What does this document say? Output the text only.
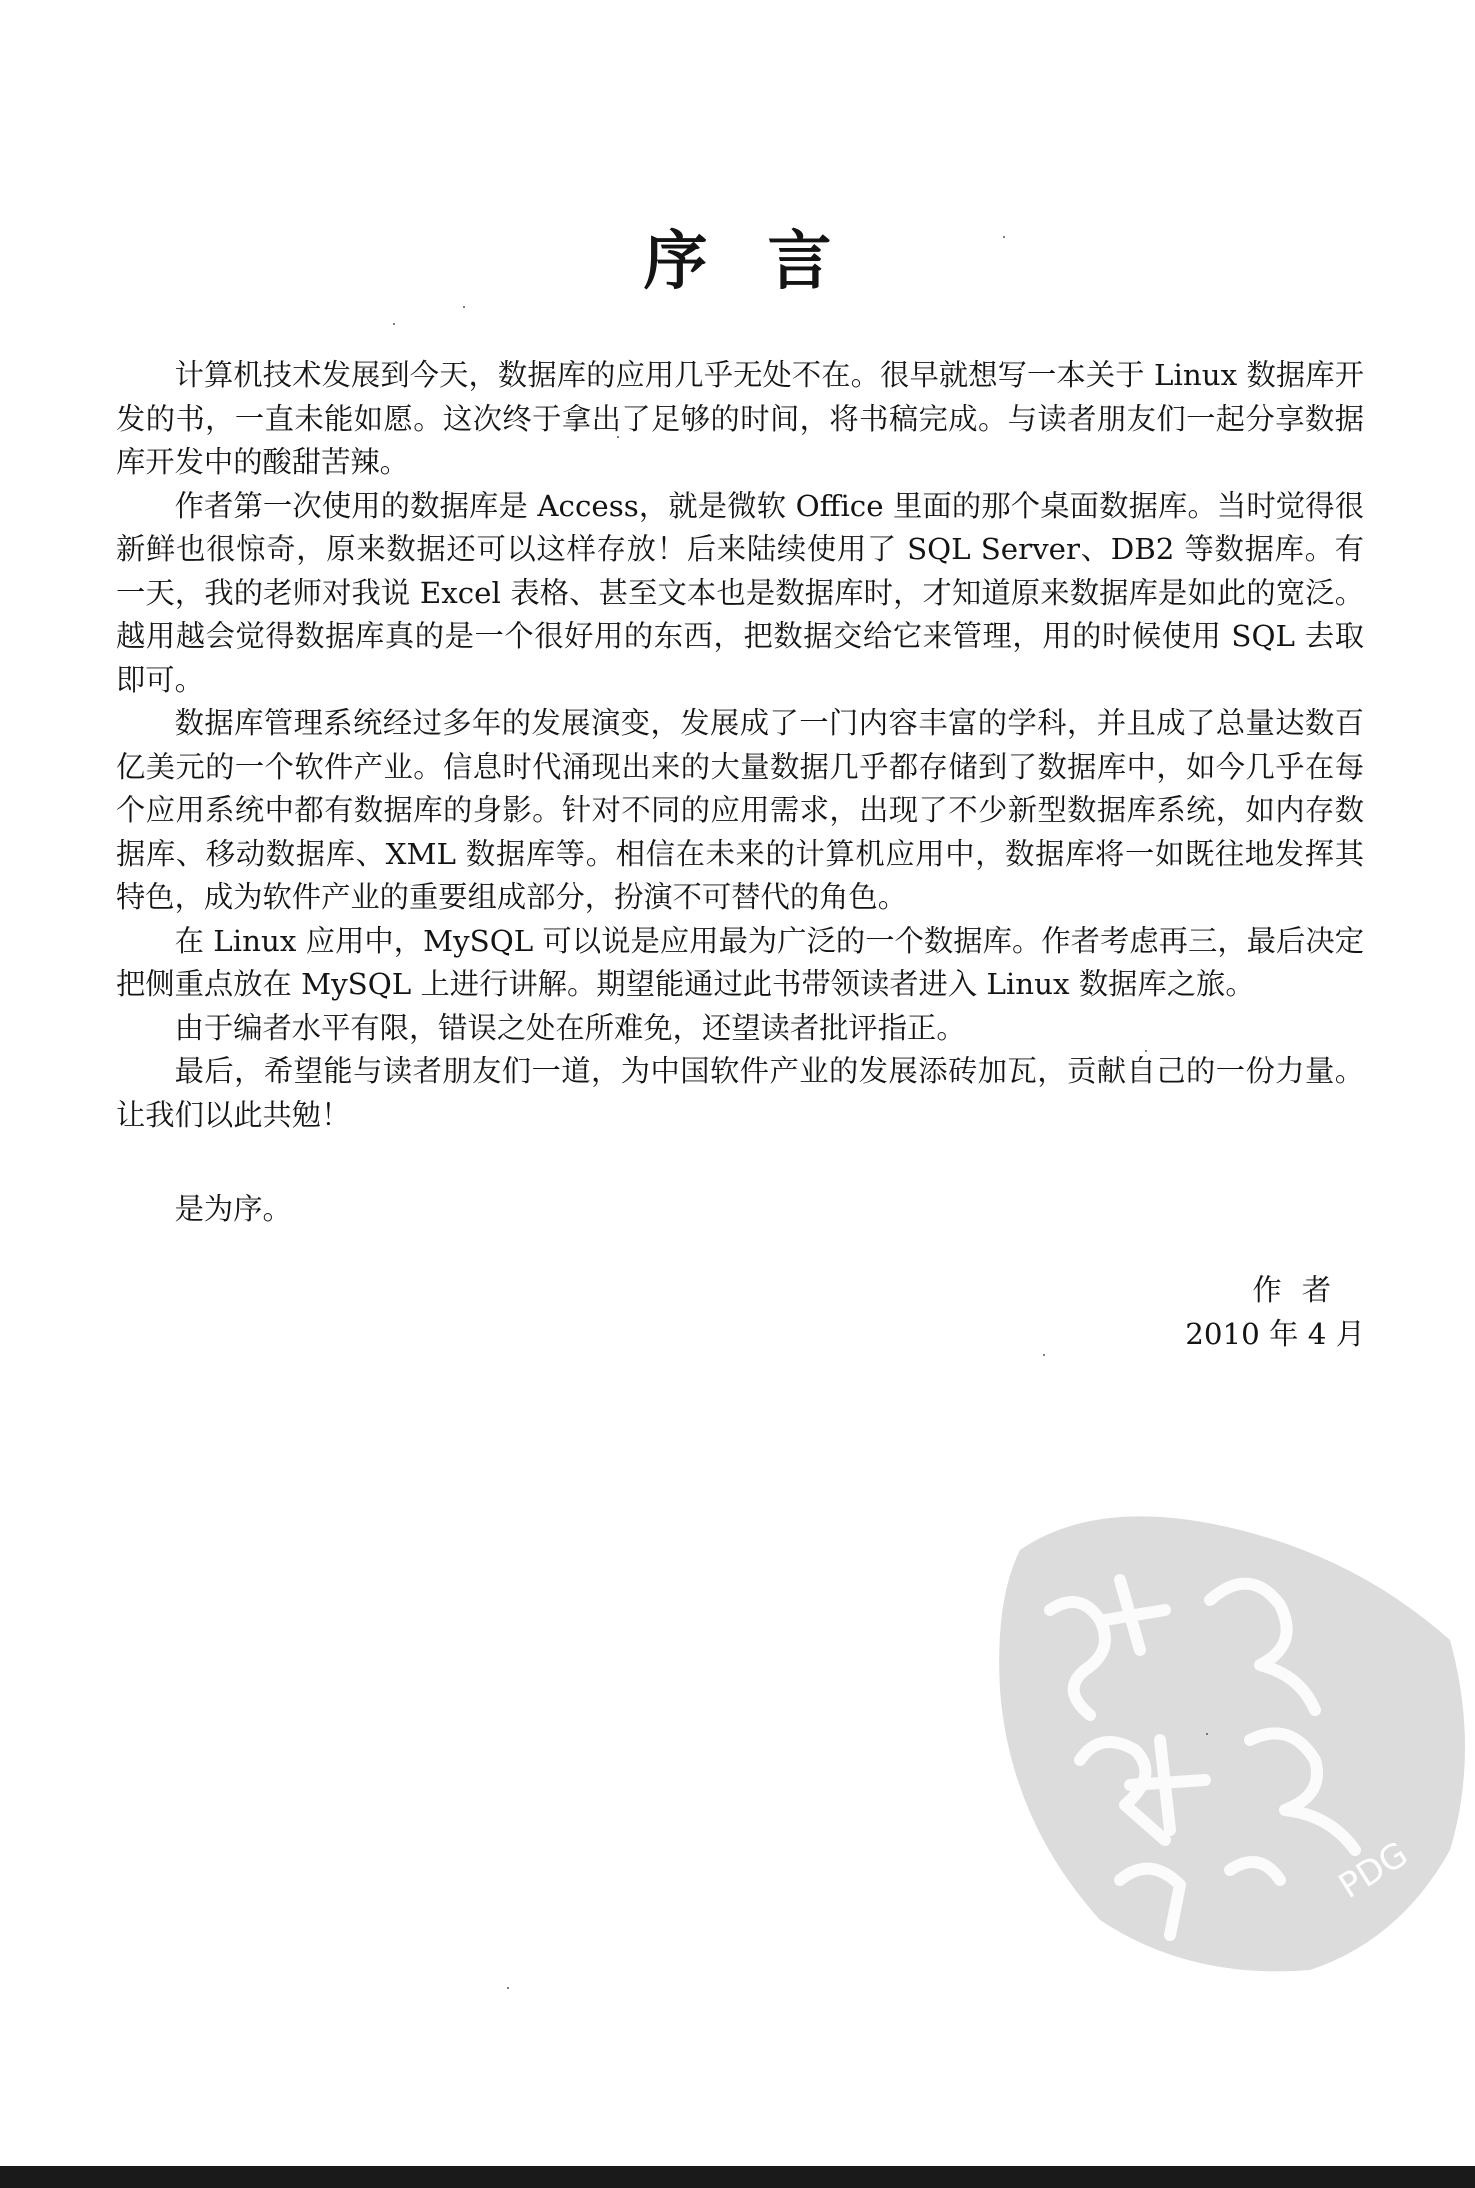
序言

计算机技术发展到今天，数据库的应用几乎无处不在。很早就想写一本关于 Linux 数据库开发的书，一直未能如愿。这次终于拿出了足够的时间，将书稿完成。与读者朋友们一起分享数据库开发中的酸甜苦辣。

作者第一次使用的数据库是 Access，就是微软 Office 里面的那个桌面数据库。当时觉得很新鲜也很惊奇，原来数据还可以这样存放！后来陆续使用了 SQL Server、DB2 等数据库。有一天，我的老师对我说 Excel 表格、甚至文本也是数据库时，才知道原来数据库是如此的宽泛。越用越会觉得数据库真的是一个很好用的东西，把数据交给它来管理，用的时候使用 SQL 去取即可。

数据库管理系统经过多年的发展演变，发展成了一门内容丰富的学科，并且成了总量达数百亿美元的一个软件产业。信息时代涌现出来的大量数据几乎都存储到了数据库中，如今几乎在每个应用系统中都有数据库的身影。针对不同的应用需求，出现了不少新型数据库系统，如内存数据库、移动数据库、XML 数据库等。相信在未来的计算机应用中，数据库将一如既往地发挥其特色，成为软件产业的重要组成部分，扮演不可替代的角色。

在 Linux 应用中，MySQL 可以说是应用最为广泛的一个数据库。作者考虑再三，最后决定把侧重点放在 MySQL 上进行讲解。期望能通过此书带领读者进入 Linux 数据库之旅。

由于编者水平有限，错误之处在所难免，还望读者批评指正。

最后，希望能与读者朋友们一道，为中国软件产业的发展添砖加瓦，贡献自己的一份力量。让我们以此共勉！

是为序。
作者
2010 年 4 月
PDG
